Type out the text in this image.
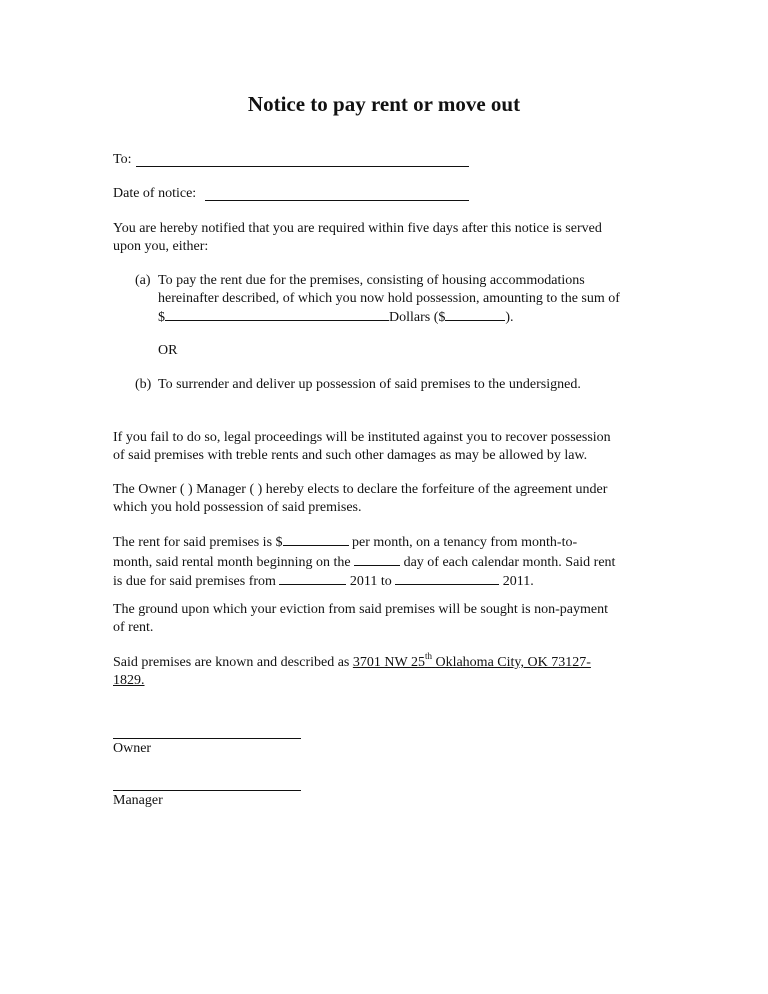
Notice to pay rent or move out
To:
Date of notice:
You are hereby notified that you are required within five days after this notice is served
upon you, either:
(a) To pay the rent due for the premises, consisting of housing accommodations
hereinafter described, of which you now hold possession, amounting to the sum of
$	Dollars ($	).
OR
(b) To surrender and deliver up possession of said premises to the undersigned.
If you fail to do so, legal proceedings will be instituted against you to recover possession
of said premises with treble rents and such other damages as may be allowed by law.
The Owner ( ) Manager ( ) hereby elects to declare the forfeiture of the agreement under
which you hold possession of said premises.
The rent for said premises is $	per month, on a tenancy from month-to-
month, said rental month beginning on the	day of each calendar month. Said rent
is due for said premises from	2011 to	2011.
The ground upon which your eviction from said premises will be sought is non-payment
of rent.
Said premises are known and described as 3701 NW 25th Oklahoma City, OK 73127-
1829.
Owner
Manager
